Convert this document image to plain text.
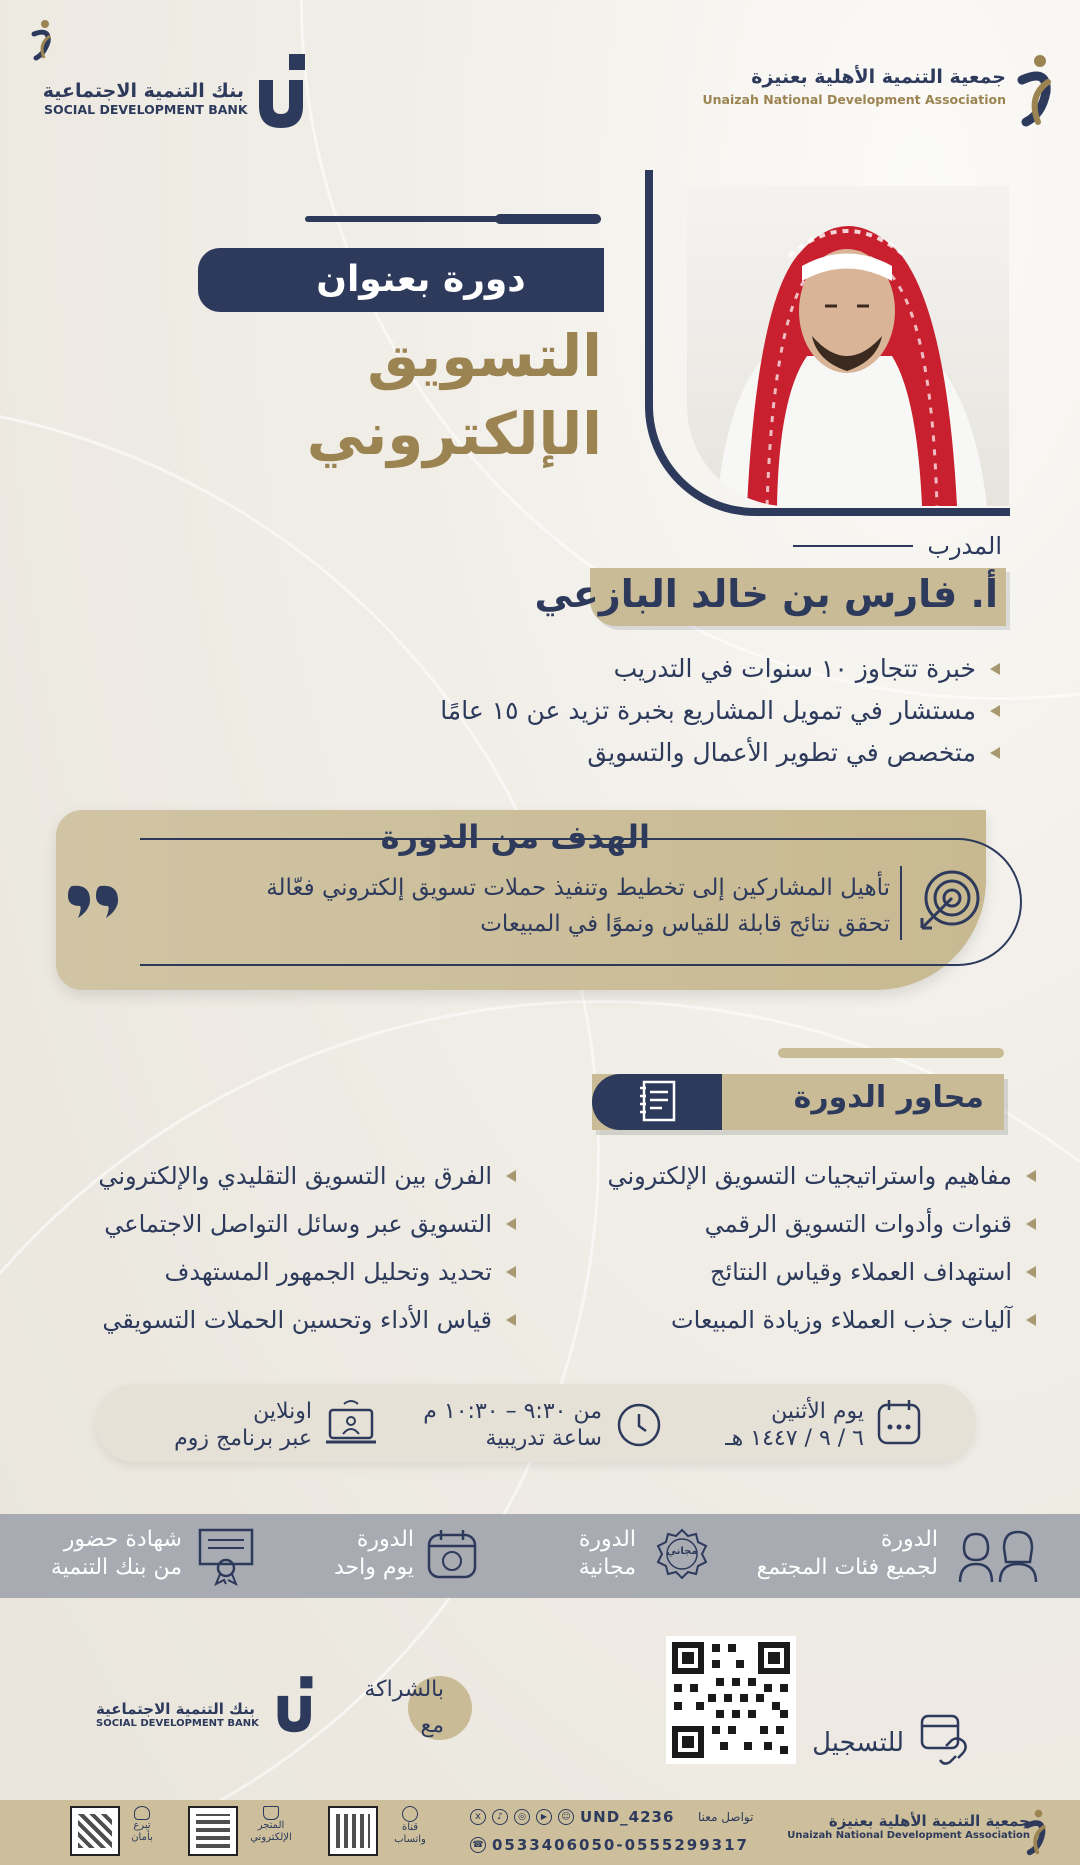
بنك التنمية الاجتماعية
SOCIAL DEVELOPMENT BANK
جمعية التنمية الأهلية بعنيزة
Unaizah National Development Association
دورة بعنوان
التسويق
الإلكتروني
المدرب
أ. فارس بن خالد البازعي
خبرة تتجاوز ١٠ سنوات في التدريب
مستشار في تمويل المشاريع بخبرة تزيد عن ١٥ عامًا
متخصص في تطوير الأعمال والتسويق
الهدف من الدورة
تأهيل المشاركين إلى تخطيط وتنفيذ حملات تسويق إلكتروني فعّالة
تحقق نتائج قابلة للقياس ونموًا في المبيعات
محاور الدورة
مفاهيم واستراتيجيات التسويق الإلكتروني
قنوات وأدوات التسويق الرقمي
استهداف العملاء وقياس النتائج
آليات جذب العملاء وزيادة المبيعات
الفرق بين التسويق التقليدي والإلكتروني
التسويق عبر وسائل التواصل الاجتماعي
تحديد وتحليل الجمهور المستهدف
قياس الأداء وتحسين الحملات التسويقي
يوم الأثنين
٦ / ٩ / ١٤٤٧ هـ
من ٩:٣٠ – ١٠:٣٠ م
ساعة تدريبية
اونلاين
عبر برنامج زوم
الدورة
لجميع فئات المجتمع
مجاني
الدورة
مجانية
الدورة
يوم واحد
شهادة حضور
من بنك التنمية
للتسجيل
بالشراكة
مع
بنك التنمية الاجتماعية
SOCIAL DEVELOPMENT BANK
جمعية التنمية الأهلية بعنيزة
Unaizah National Development Association
x	♪	◎	▶	☺ UND_4236 تواصل معنا
☎ 0533406050-0555299317
قناة
واتساب
المتجر
الإلكتروني
تبرع
بأمان
